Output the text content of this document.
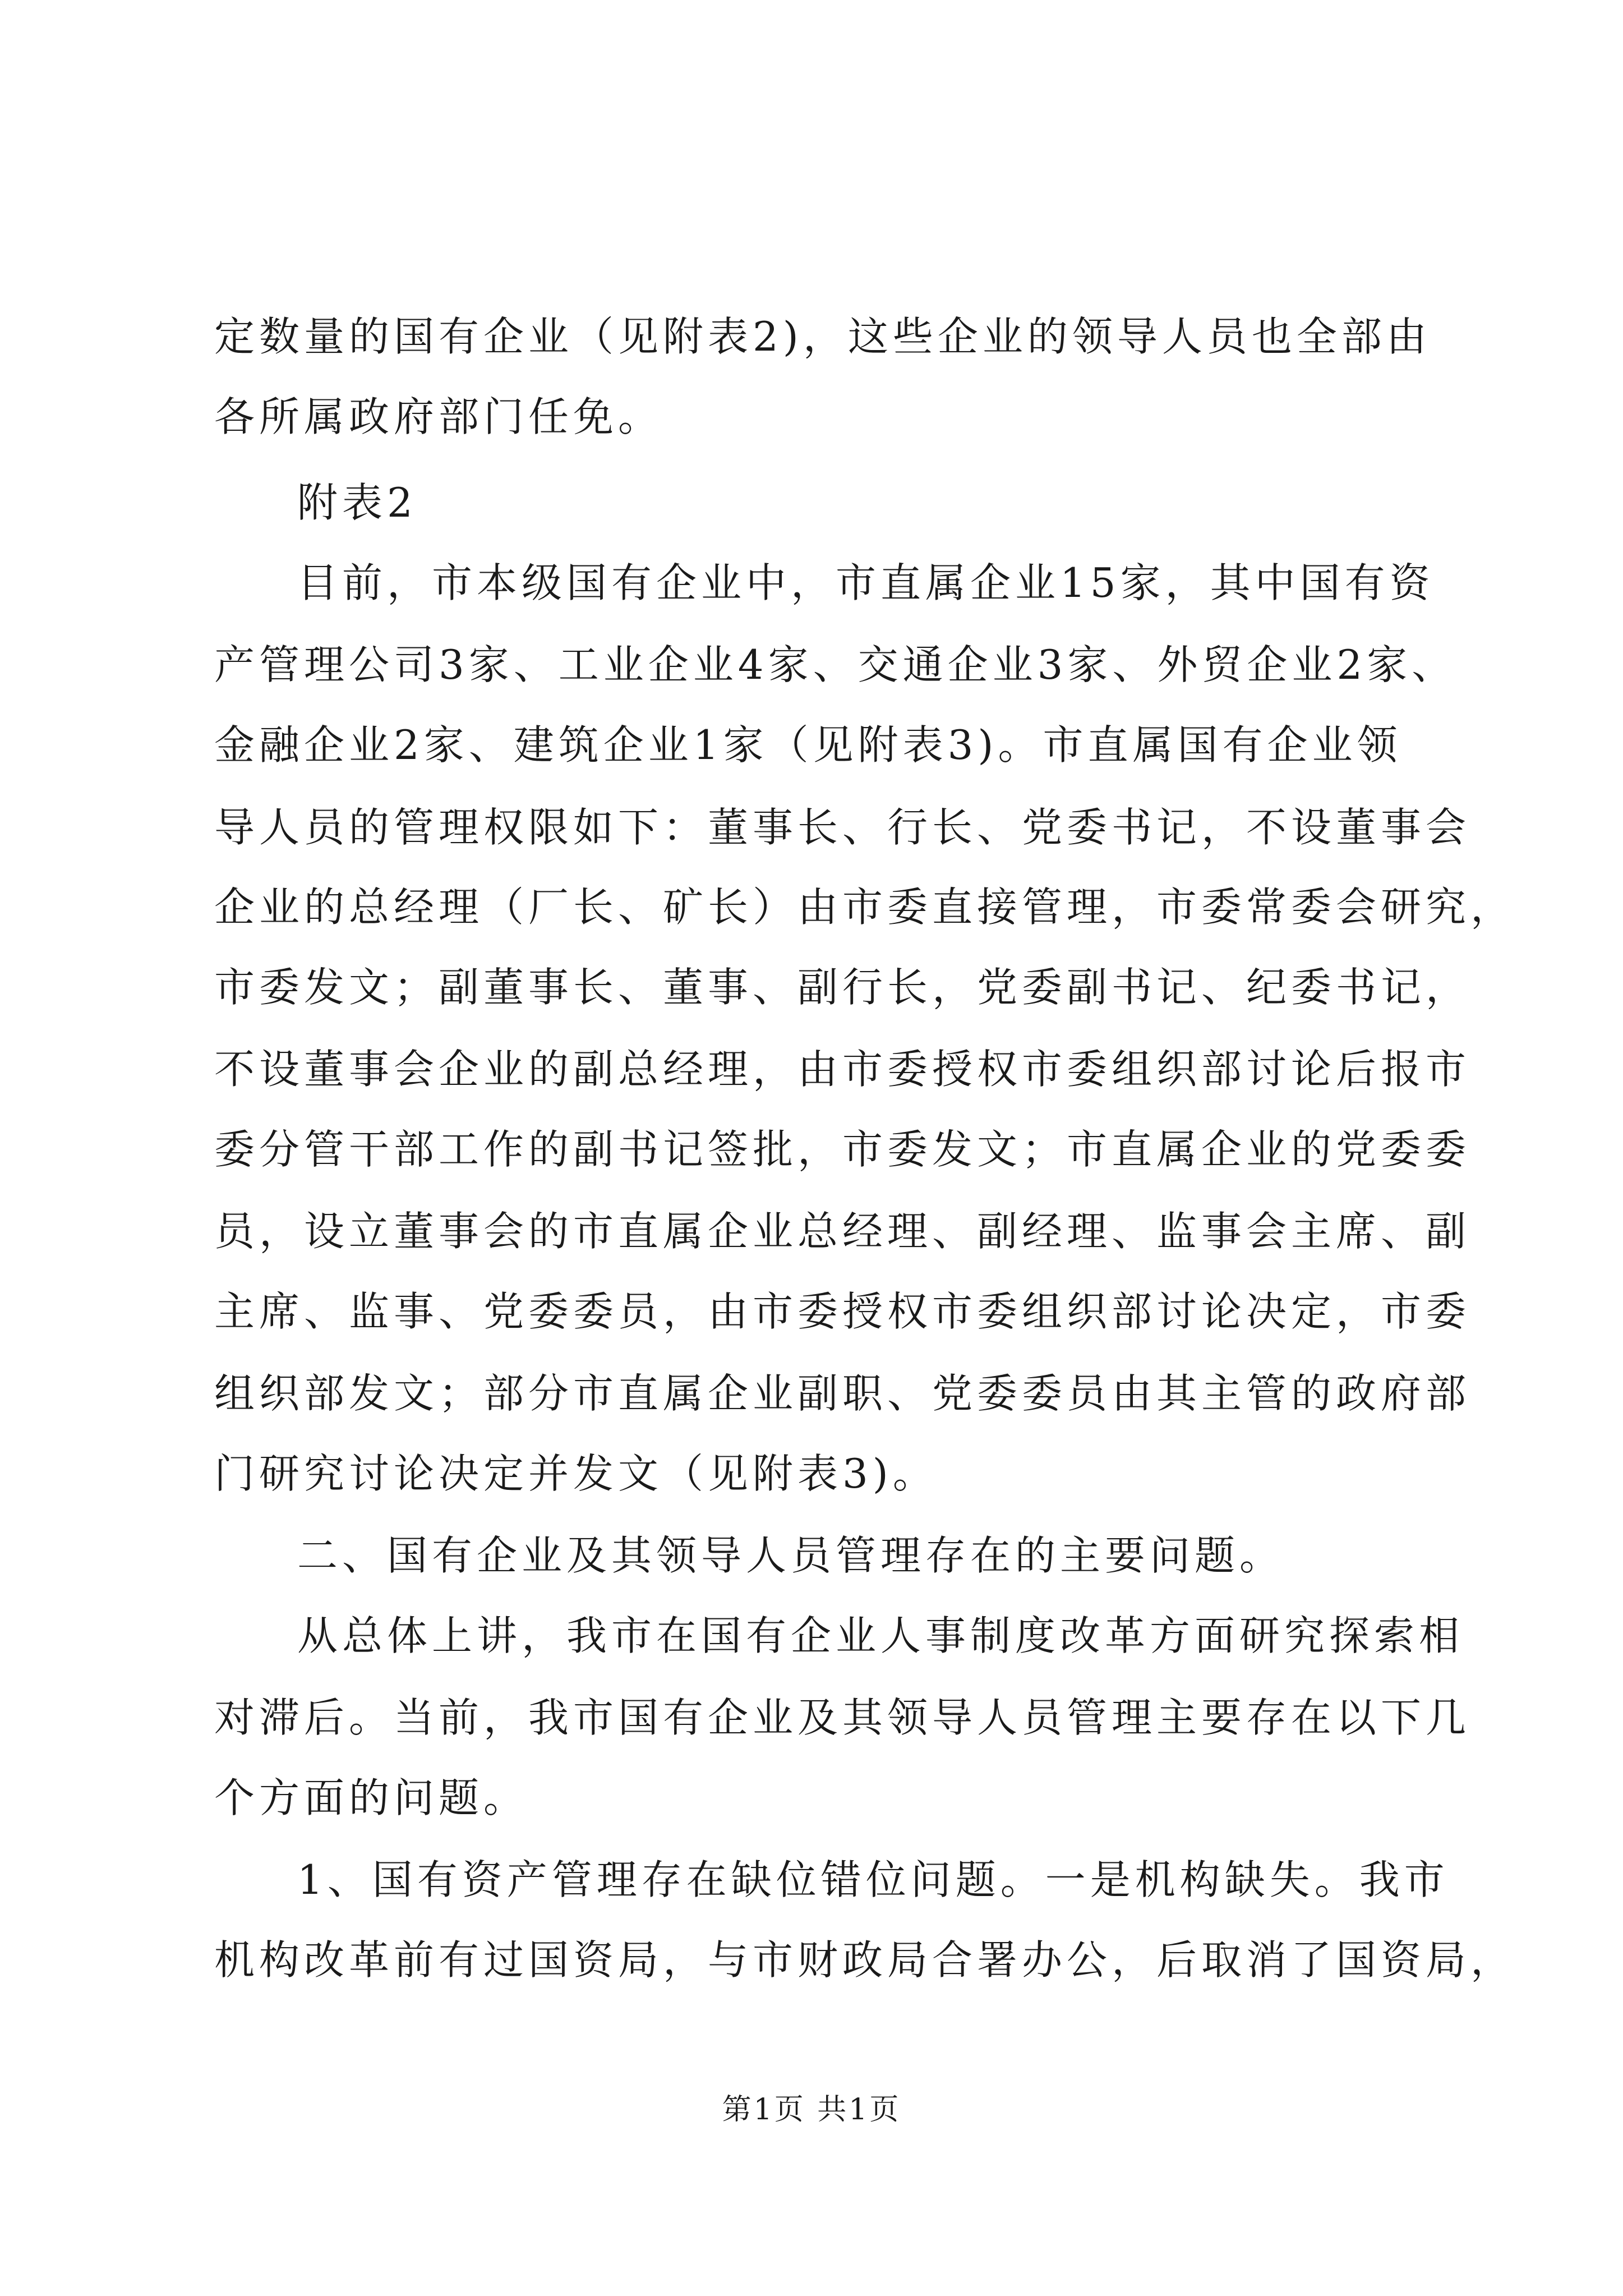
定数量的国有企业（见附表2)，这些企业的领导人员也全部由
各所属政府部门任免。
附表2
目前，市本级国有企业中，市直属企业15家，其中国有资
产管理公司3家、工业企业4家、交通企业3家、外贸企业2家、
金融企业2家、建筑企业1家（见附表3)。市直属国有企业领
导人员的管理权限如下：董事长、行长、党委书记，不设董事会
企业的总经理（厂长、矿长）由市委直接管理，市委常委会研究，
市委发文；副董事长、董事、副行长，党委副书记、纪委书记，
不设董事会企业的副总经理，由市委授权市委组织部讨论后报市
委分管干部工作的副书记签批，市委发文；市直属企业的党委委
员，设立董事会的市直属企业总经理、副经理、监事会主席、副
主席、监事、党委委员，由市委授权市委组织部讨论决定，市委
组织部发文；部分市直属企业副职、党委委员由其主管的政府部
门研究讨论决定并发文（见附表3)。
二、国有企业及其领导人员管理存在的主要问题。
从总体上讲，我市在国有企业人事制度改革方面研究探索相
对滞后。当前，我市国有企业及其领导人员管理主要存在以下几
个方面的问题。
1、国有资产管理存在缺位错位问题。一是机构缺失。我市
机构改革前有过国资局，与市财政局合署办公，后取消了国资局，
第1页 共1页
